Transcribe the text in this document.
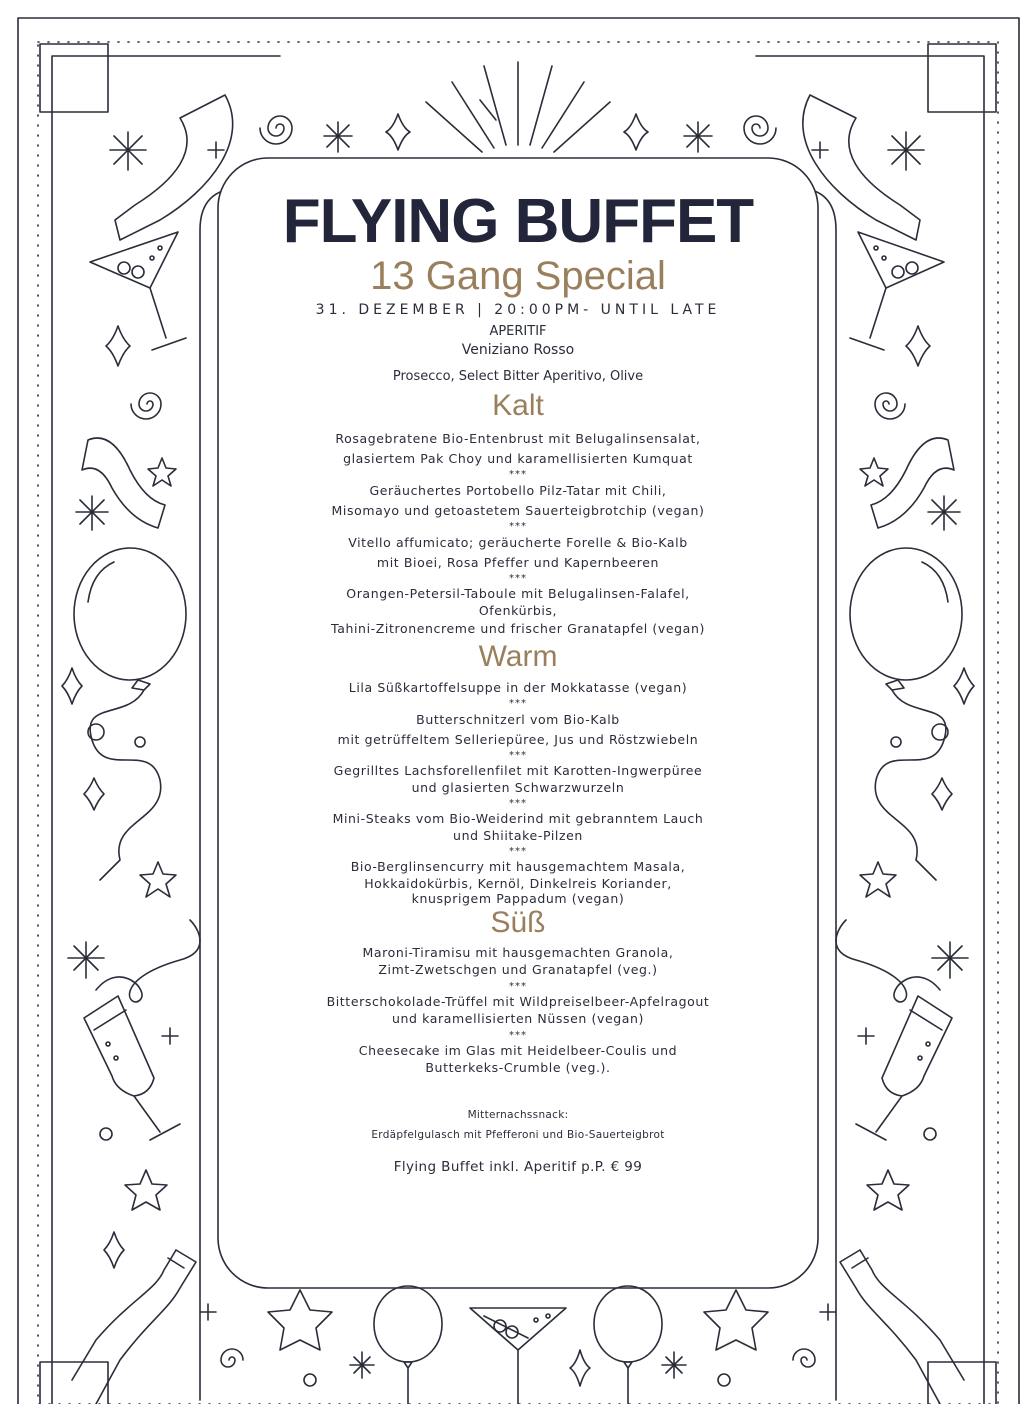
FLYING BUFFET
13 Gang Special
31. DEZEMBER | 20:00PM- UNTIL LATE
APERITIF
Veniziano Rosso
Prosecco, Select Bitter Aperitivo, Olive
Kalt
Rosagebratene Bio-Entenbrust mit Belugalinsensalat,
glasiertem Pak Choy und karamellisierten Kumquat
***
Geräuchertes Portobello Pilz-Tatar mit Chili,
Misomayo und getoastetem Sauerteigbrotchip (vegan)
***
Vitello affumicato; geräucherte Forelle & Bio-Kalb
mit Bioei, Rosa Pfeffer und Kapernbeeren
***
Orangen-Petersil-Taboule mit Belugalinsen-Falafel,
Ofenkürbis,
Tahini-Zitronencreme und frischer Granatapfel (vegan)
Warm
Lila Süßkartoffelsuppe in der Mokkatasse (vegan)
***
Butterschnitzerl vom Bio-Kalb
mit getrüffeltem Selleriepüree, Jus und Röstzwiebeln
***
Gegrilltes Lachsforellenfilet mit Karotten-Ingwerpüree
und glasierten Schwarzwurzeln
***
Mini-Steaks vom Bio-Weiderind mit gebranntem Lauch
und Shiitake-Pilzen
***
Bio-Berglinsencurry mit hausgemachtem Masala,
Hokkaidokürbis, Kernöl, Dinkelreis Koriander,
knusprigem Pappadum (vegan)
Süß
Maroni-Tiramisu mit hausgemachten Granola,
Zimt-Zwetschgen und Granatapfel (veg.)
***
Bitterschokolade-Trüffel mit Wildpreiselbeer-Apfelragout
und karamellisierten Nüssen (vegan)
***
Cheesecake im Glas mit Heidelbeer-Coulis und
Butterkeks-Crumble (veg.).
Mitternachssnack:
Erdäpfelgulasch mit Pfefferoni und Bio-Sauerteigbrot
Flying Buffet inkl. Aperitif p.P. € 99
